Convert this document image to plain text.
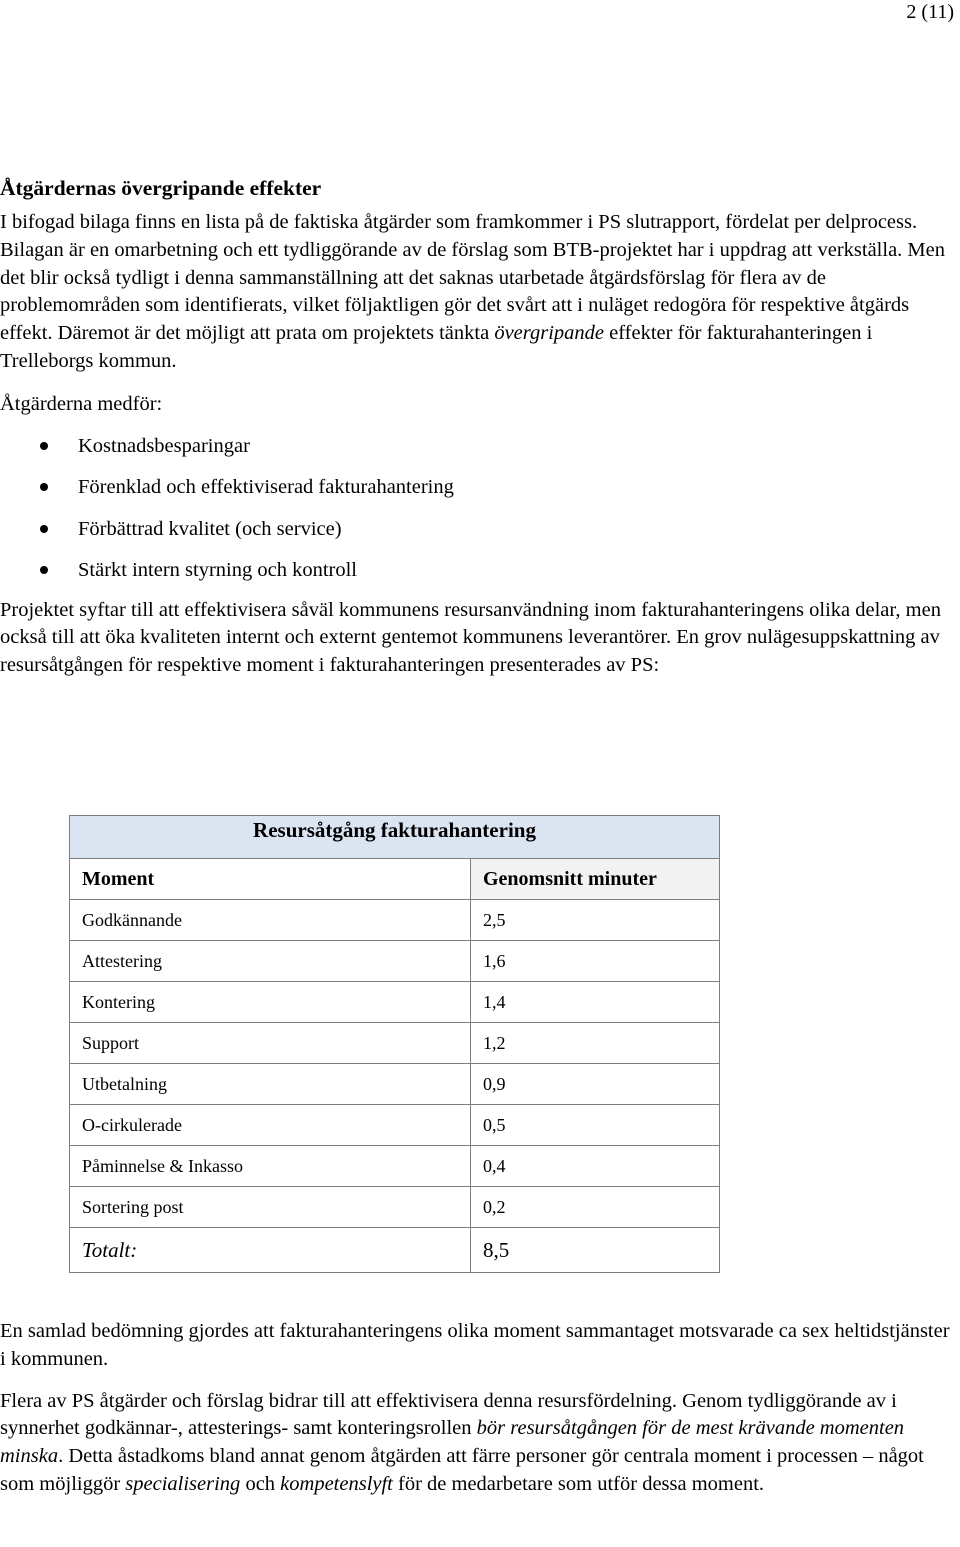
2 (11)
Åtgärdernas övergripande effekter

I bifogad bilaga finns en lista på de faktiska åtgärder som framkommer i PS slutrapport, fördelat per delprocess. Bilagan är en omarbetning och ett tydliggörande av de förslag som BTB-projektet har i uppdrag att verkställa. Men det blir också tydligt i denna sammanställning att det saknas utarbetade åtgärdsförslag för flera av de problemområden som identifierats, vilket följaktligen gör det svårt att i nuläget redogöra för respektive åtgärds effekt. Däremot är det möjligt att prata om projektets tänkta övergripande effekter för fakturahanteringen i Trelleborgs kommun.

Åtgärderna medför:

Kostnadsbesparingar
Förenklad och effektiviserad fakturahantering
Förbättrad kvalitet (och service)
Stärkt intern styrning och kontroll

Projektet syftar till att effektivisera såväl kommunens resursanvändning inom fakturahanteringens olika delar, men också till att öka kvaliteten internt och externt gentemot kommunens leverantörer. En grov nulägesuppskattning av resursåtgången för respektive moment i fakturahanteringen presenterades av PS:

Resursåtgång fakturahantering	
Moment	Genomsnitt minuter
Godkännande	2,5
Attestering	1,6
Kontering	1,4
Support	1,2
Utbetalning	0,9
O-cirkulerade	0,5
Påminnelse & Inkasso	0,4
Sortering post	0,2
Totalt:	8,5

En samlad bedömning gjordes att fakturahanteringens olika moment sammantaget motsvarade ca sex heltidstjänster i kommunen.

Flera av PS åtgärder och förslag bidrar till att effektivisera denna resursfördelning. Genom tydliggörande av i synnerhet godkännar-, attesterings- samt konteringsrollen bör resursåtgången för de mest krävande momenten minska. Detta åstadkoms bland annat genom åtgärden att färre personer gör centrala moment i processen – något som möjliggör specialisering och kompetenslyft för de medarbetare som utför dessa moment.
